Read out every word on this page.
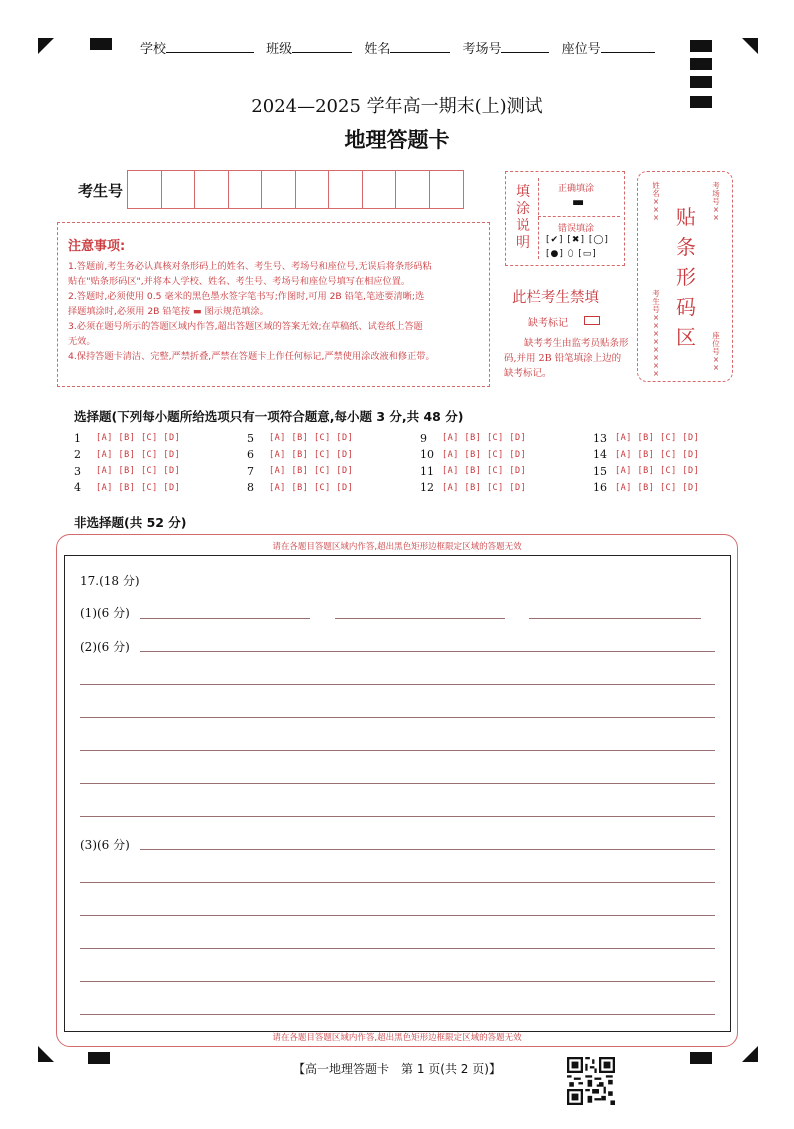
学校	班级	姓名	考场号	座位号
2024—2025 学年高一期末(上)测试
地理答题卡
考生号
注意事项:
1.答题前,考生务必认真核对条形码上的姓名、考生号、考场号和座位号,无误后将条形码粘
贴在"贴条形码区",并将本人学校、姓名、考生号、考场号和座位号填写在相应位置。
2.答题时,必须使用 0.5 毫米的黑色墨水签字笔书写;作图时,可用 2B 铅笔,笔迹要清晰;选
择题填涂时,必须用 2B 铅笔按 ▬ 图示规范填涂。
3.必须在题号所示的答题区域内作答,超出答题区域的答案无效;在草稿纸、试卷纸上答题
无效。
4.保持答题卡清洁、完整,严禁折叠,严禁在答题卡上作任何标记,严禁使用涂改液和修正带。
填涂说明
正确填涂
▬
错误填涂
[✔] [✖] [◯]
[●] ⬯ [▭]
此栏考生禁填
缺考标记
缺考考生由监考员贴条形码,并用 2B 铅笔填涂上边的缺考标记。
贴条形码区
姓名×××
考场号××
考生号××××××××
座位号××
选择题(下列每小题所给选项只有一项符合题意,每小题 3 分,共 48 分)
1	[A] [B] [C] [D]	5	[A] [B] [C] [D]	9	[A] [B] [C] [D]	13 [A] [B] [C] [D]
2	[A] [B] [C] [D]	6	[A] [B] [C] [D]	10 [A] [B] [C] [D]	14 [A] [B] [C] [D]
3	[A] [B] [C] [D]	7	[A] [B] [C] [D]	11 [A] [B] [C] [D]	15 [A] [B] [C] [D]
4	[A] [B] [C] [D]	8	[A] [B] [C] [D]	12 [A] [B] [C] [D]	16 [A] [B] [C] [D]
非选择题(共 52 分)
请在各题目答题区域内作答,超出黑色矩形边框限定区域的答题无效
请在各题目答题区域内作答,超出黑色矩形边框限定区域的答题无效
17.(18 分)
(1)(6 分)
(2)(6 分)
(3)(6 分)
【高一地理答题卡　第 1 页(共 2 页)】
